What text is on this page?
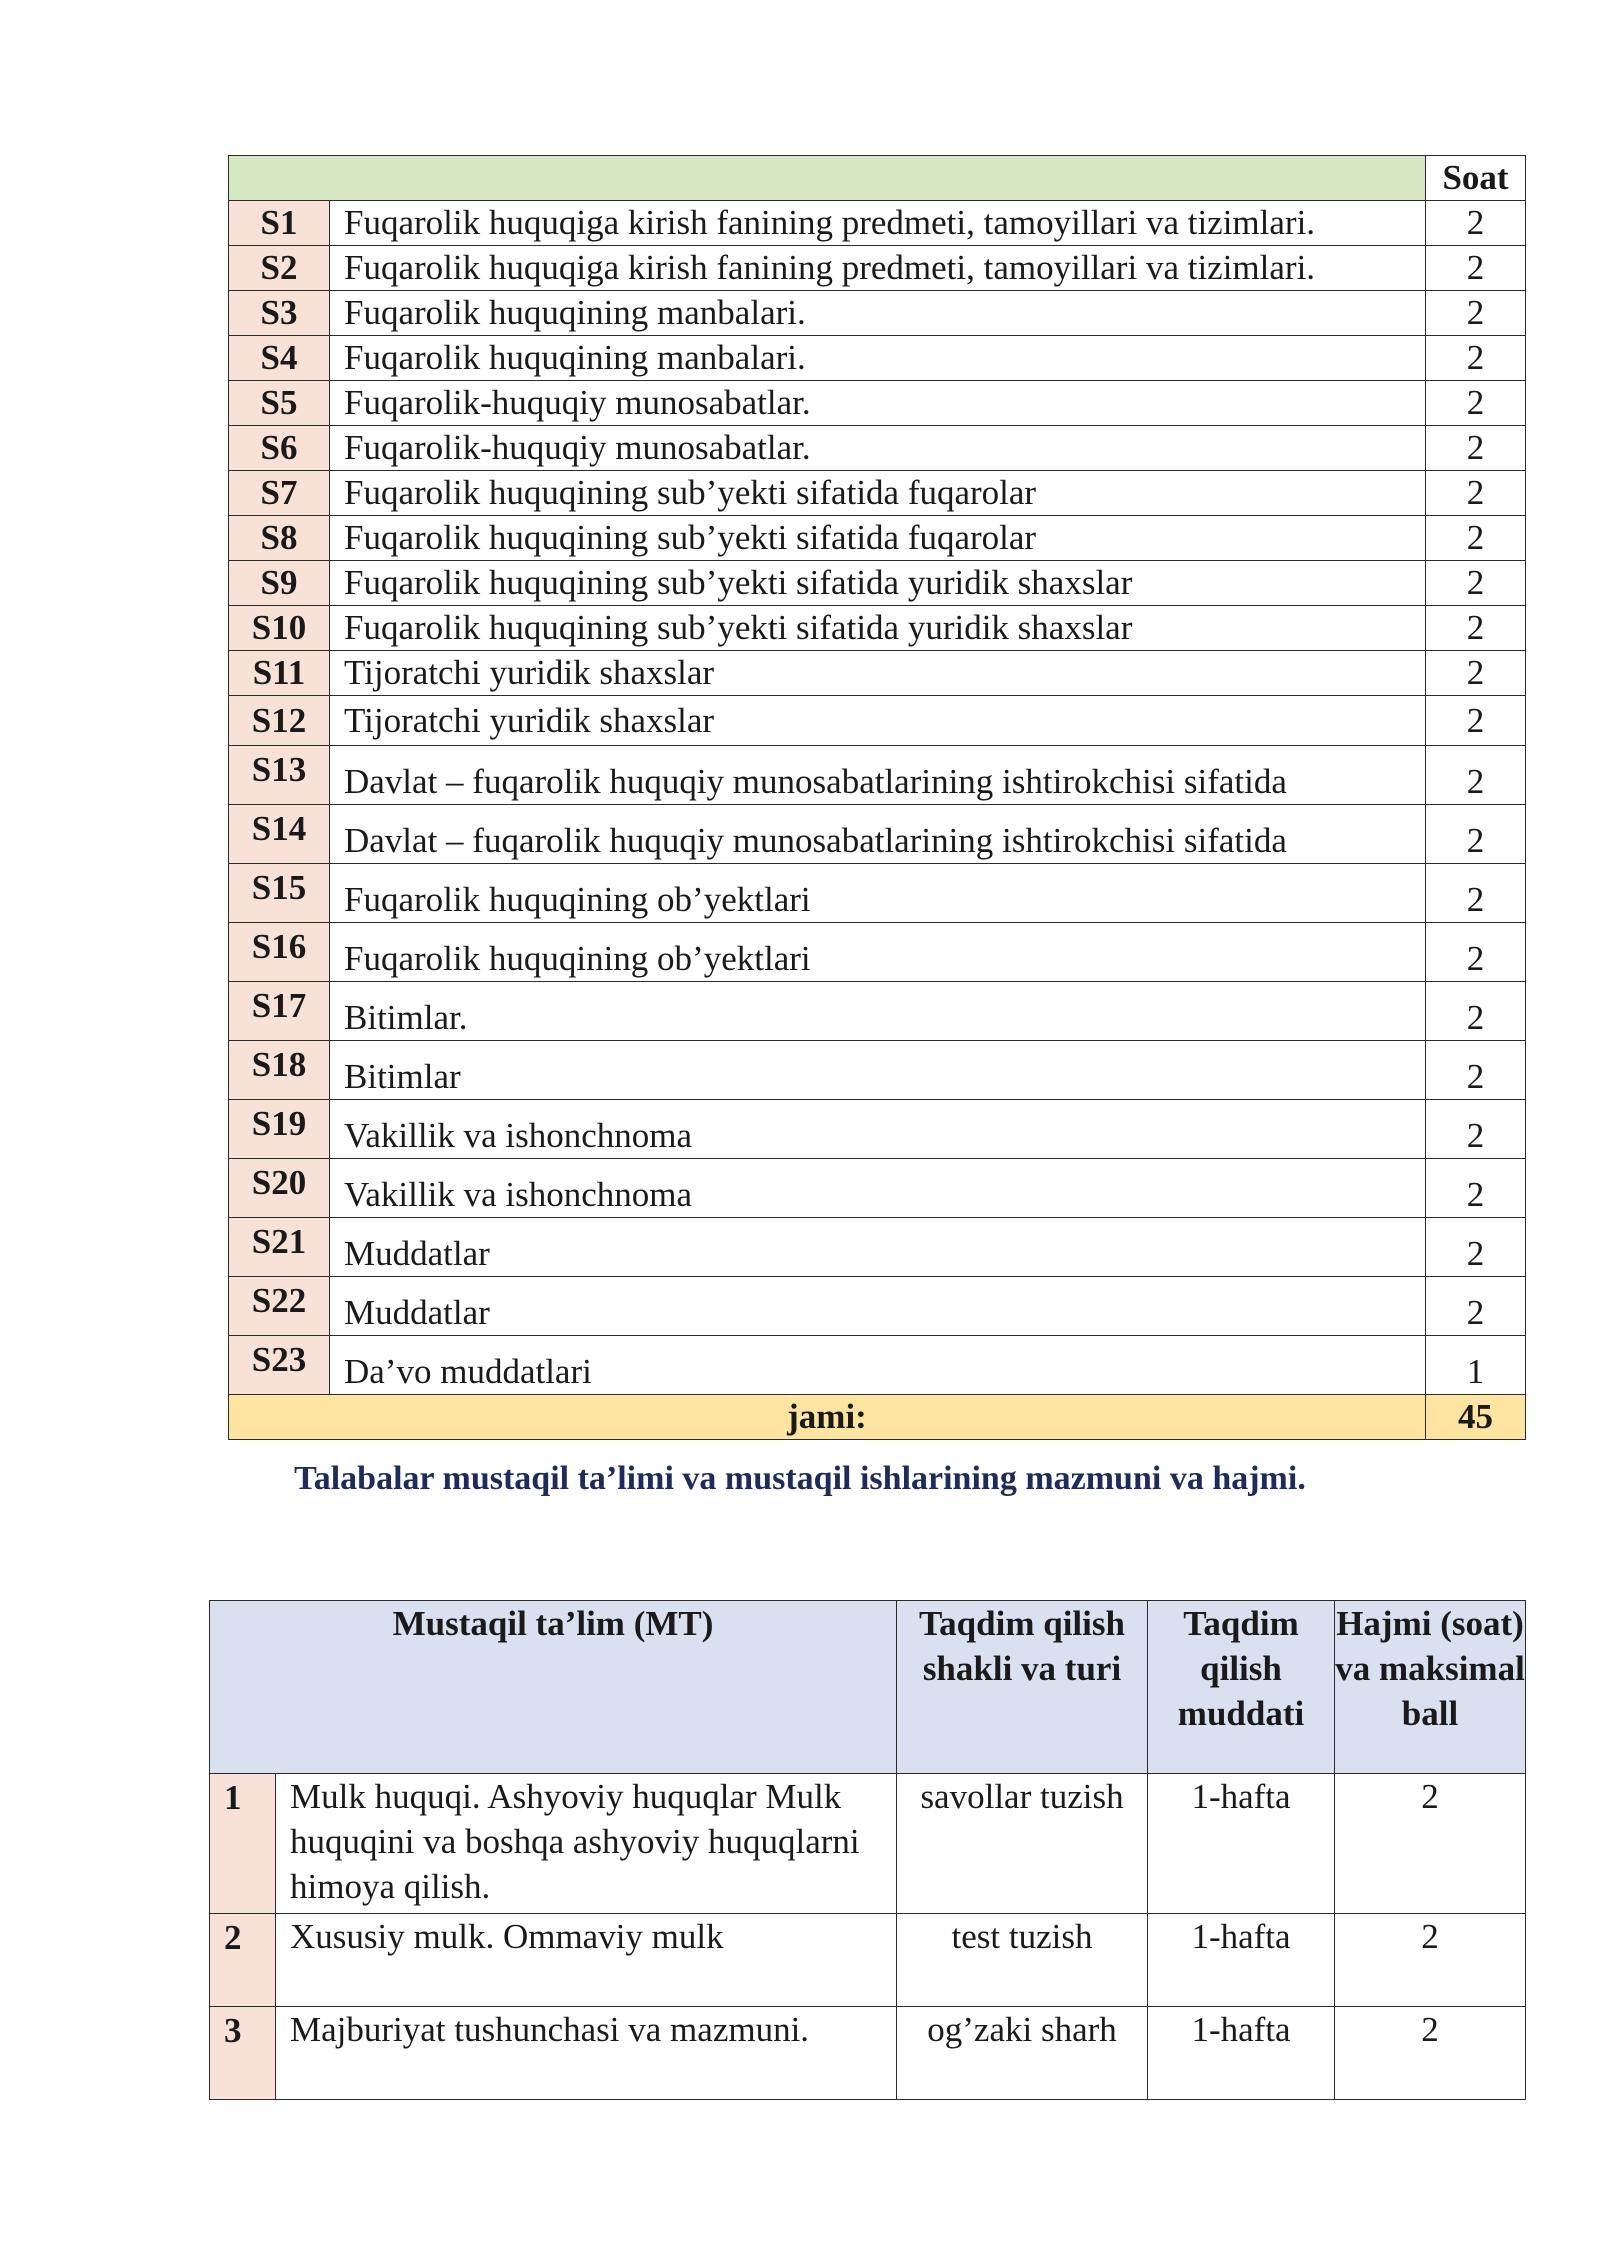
		Soat
S1	Fuqarolik huquqiga kirish fanining predmeti, tamoyillari va tizimlari.	2
S2	Fuqarolik huquqiga kirish fanining predmeti, tamoyillari va tizimlari.	2
S3	Fuqarolik huquqining manbalari.	2
S4	Fuqarolik huquqining manbalari.	2
S5	Fuqarolik-huquqiy munosabatlar.	2
S6	Fuqarolik-huquqiy munosabatlar.	2
S7	Fuqarolik huquqining sub’yekti sifatida fuqarolar	2
S8	Fuqarolik huquqining sub’yekti sifatida fuqarolar	2
S9	Fuqarolik huquqining sub’yekti sifatida yuridik shaxslar	2
S10	Fuqarolik huquqining sub’yekti sifatida yuridik shaxslar	2
S11	Tijoratchi yuridik shaxslar	2
S12	Tijoratchi yuridik shaxslar	2
S13	Davlat – fuqarolik huquqiy munosabatlarining ishtirokchisi sifatida	2
S14	Davlat – fuqarolik huquqiy munosabatlarining ishtirokchisi sifatida	2
S15	Fuqarolik huquqining ob’yektlari	2
S16	Fuqarolik huquqining ob’yektlari	2
S17	Bitimlar.	2
S18	Bitimlar	2
S19	Vakillik va ishonchnoma	2
S20	Vakillik va ishonchnoma	2
S21	Muddatlar	2
S22	Muddatlar	2
S23	Da’vo muddatlari	1
jami:		45
Talabalar mustaqil ta’limi va mustaqil ishlarining mazmuni va hajmi.
Mustaqil ta’lim (MT)		Taqdim qilish shakli va turi	Taqdim qilish muddati	Hajmi (soat) va maksimal ball
1	Mulk huquqi. Ashyoviy huquqlar Mulk huquqini va boshqa ashyoviy huquqlarni himoya qilish.	savollar tuzish	1-hafta	2
2	Xususiy mulk. Ommaviy mulk	test tuzish	1-hafta	2
3	Majburiyat tushunchasi va mazmuni.	og’zaki sharh	1-hafta	2
